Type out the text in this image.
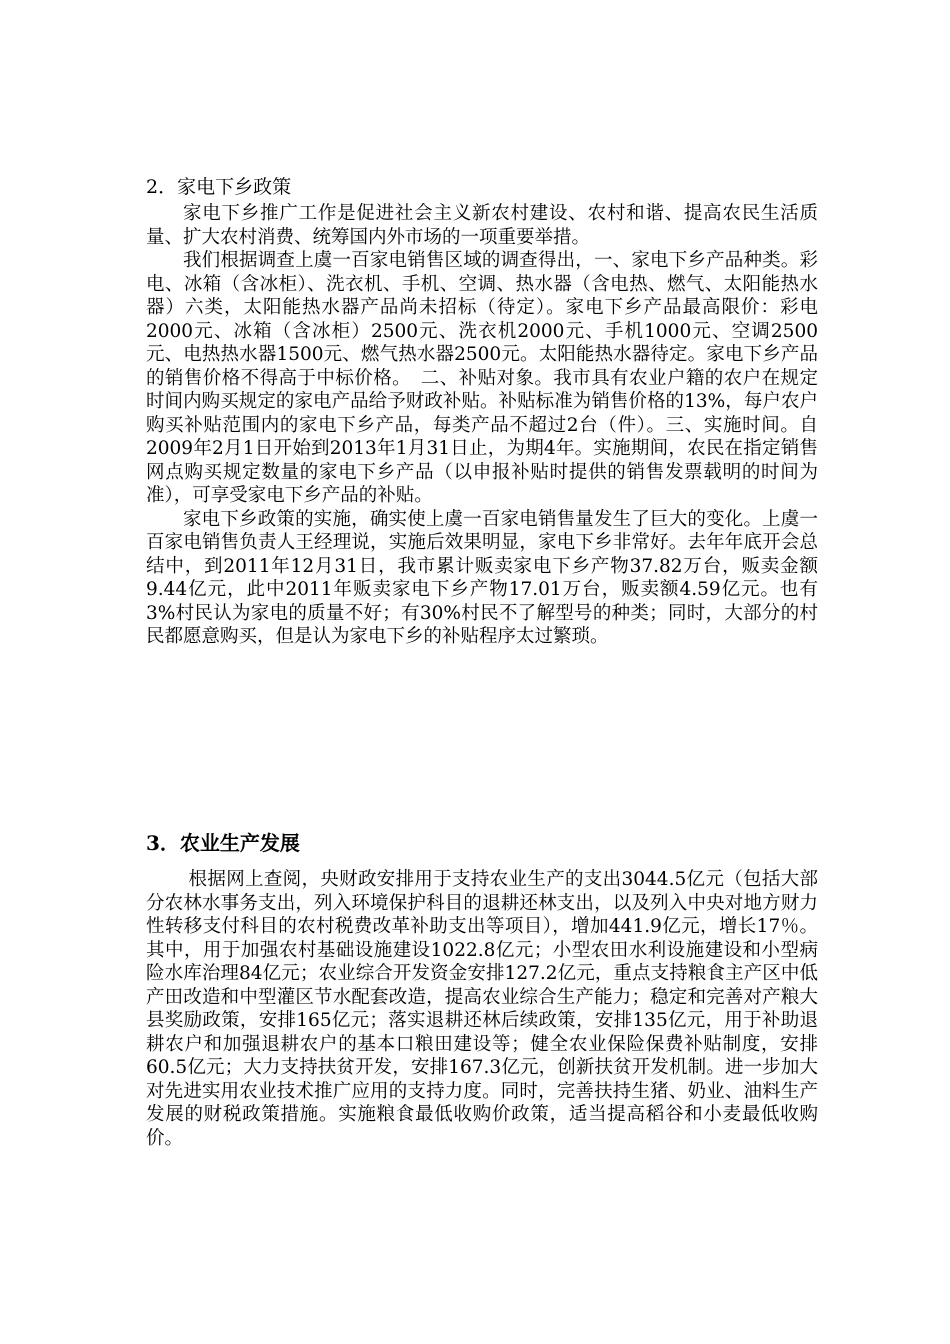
2．家电下乡政策

家电下乡推广工作是促进社会主义新农村建设、农村和谐、提高农民生活质量、扩大农村消费、统筹国内外市场的一项重要举措。

我们根据调查上虞一百家电销售区域的调查得出，一、家电下乡产品种类。彩电、冰箱（含冰柜）、洗衣机、手机、空调、热水器（含电热、燃气、太阳能热水器）六类，太阳能热水器产品尚未招标（待定）。家电下乡产品最高限价：彩电2000元、冰箱（含冰柜）2500元、洗衣机2000元、手机1000元、空调2500元、电热热水器1500元、燃气热水器2500元。太阳能热水器待定。家电下乡产品的销售价格不得高于中标价格。　二、补贴对象。我市具有农业户籍的农户在规定时间内购买规定的家电产品给予财政补贴。补贴标准为销售价格的13%，每户农户购买补贴范围内的家电下乡产品，每类产品不超过2台（件）。三、实施时间。自2009年2月1日开始到2013年1月31日止，为期4年。实施期间，农民在指定销售网点购买规定数量的家电下乡产品（以申报补贴时提供的销售发票载明的时间为准），可享受家电下乡产品的补贴。

家电下乡政策的实施，确实使上虞一百家电销售量发生了巨大的变化。上虞一百家电销售负责人王经理说，实施后效果明显，家电下乡非常好。去年年底开会总结中，到2011年12月31日，我市累计贩卖家电下乡产物37.82万台，贩卖金额9.44亿元，此中2011年贩卖家电下乡产物17.01万台，贩卖额4.59亿元。也有3%村民认为家电的质量不好；有30%村民不了解型号的种类；同时，大部分的村民都愿意购买，但是认为家电下乡的补贴程序太过繁琐。

3．农业生产发展

根据网上查阅，央财政安排用于支持农业生产的支出3044.5亿元（包括大部分农林水事务支出，列入环境保护科目的退耕还林支出，以及列入中央对地方财力性转移支付科目的农村税费改革补助支出等项目），增加441.9亿元，增长17％。其中，用于加强农村基础设施建设1022.8亿元；小型农田水利设施建设和小型病险水库治理84亿元；农业综合开发资金安排127.2亿元，重点支持粮食主产区中低产田改造和中型灌区节水配套改造，提高农业综合生产能力；稳定和完善对产粮大县奖励政策，安排165亿元；落实退耕还林后续政策，安排135亿元，用于补助退耕农户和加强退耕农户的基本口粮田建设等；健全农业保险保费补贴制度，安排60.5亿元；大力支持扶贫开发，安排167.3亿元，创新扶贫开发机制。进一步加大对先进实用农业技术推广应用的支持力度。同时，完善扶持生猪、奶业、油料生产发展的财税政策措施。实施粮食最低收购价政策，适当提高稻谷和小麦最低收购价。
